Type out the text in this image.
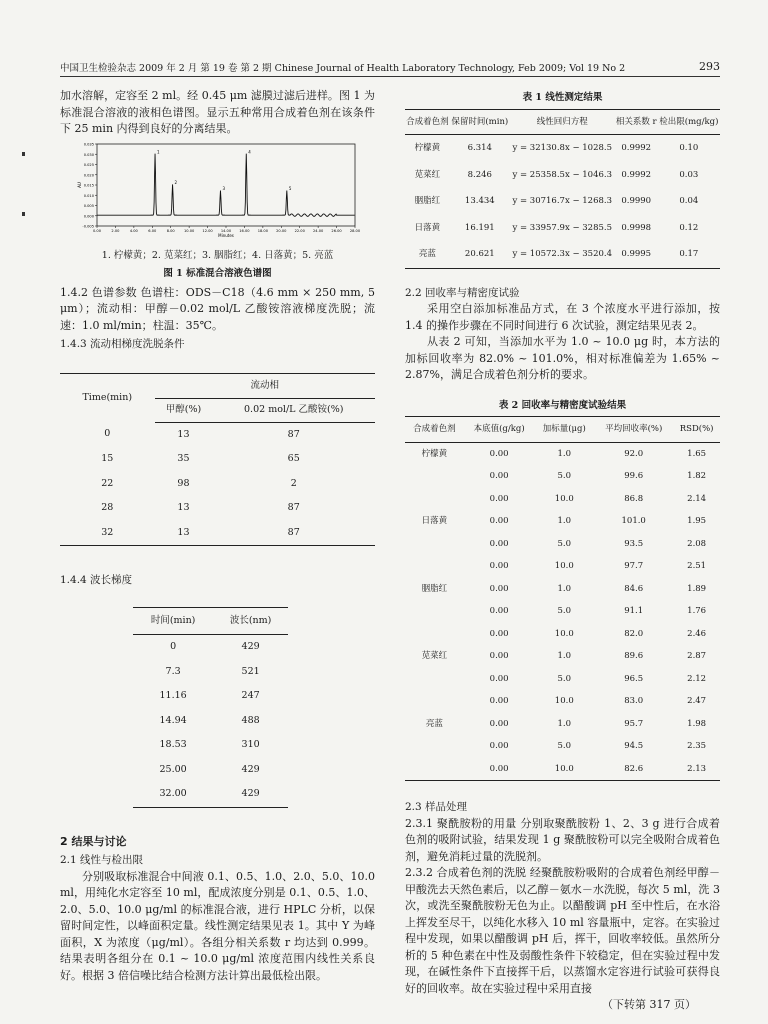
中国卫生检验杂志 2009 年 2 月 第 19 卷 第 2 期 Chinese Journal of Health Laboratory Technology, Feb 2009; Vol 19 No 2	293

加水溶解，定容至 2 ml。经 0.45 μm 滤膜过滤后进样。图 1 为标准混合溶液的液相色谱图。显示五种常用合成着色剂在该条件下 25 min 内得到良好的分离结果。

-0.005
0.000
0.005
0.010
0.015
0.020
0.025
0.030
0.035
0.00	2.00	4.00	6.00	8.00	10.00 12.00 14.00 16.00 18.00 20.00 22.00 24.00 26.00 28.00
Minutes
AU
1
2
3
4
5
1. 柠檬黄；2. 苋菜红；3. 胭脂红；4. 日落黄；5. 亮蓝
图 1 标准混合溶液色谱图

1.4.2 色谱参数 色谱柱：ODS－C18（4.6 mm × 250 mm, 5 μm）；流动相：甲醇－0.02 mol/L 乙酸铵溶液梯度洗脱；流速：1.0 ml/min；柱温：35℃。

1.4.3 流动相梯度洗脱条件

Time(min)	流动相	
	甲醇(%)	0.02 mol/L 乙酸铵(%)
0	13	87
15	35	65
22	98	2
28	13	87
32	13	87

1.4.4 波长梯度

时间(min)	波长(nm)
0	429
7.3	521
11.16	247
14.94	488
18.53	310
25.00	429
32.00	429

2 结果与讨论

2.1 线性与检出限

分别吸取标准混合中间液 0.1、0.5、1.0、2.0、5.0、10.0 ml，用纯化水定容至 10 ml，配成浓度分别是 0.1、0.5、1.0、2.0、5.0、10.0 μg/ml 的标准混合液，进行 HPLC 分析，以保留时间定性，以峰面积定量。线性测定结果见表 1。其中 Y 为峰面积，X 为浓度（μg/ml）。各组分相关系数 r 均达到 0.999。结果表明各组分在 0.1 ~ 10.0 μg/ml 浓度范围内线性关系良好。根据 3 倍信噪比结合检测方法计算出最低检出限。

表 1 线性测定结果
合成着色剂	保留时间(min)	线性回归方程	相关系数 r	检出限(mg/kg)
柠檬黄	6.314	y = 32130.8x − 1028.5	0.9992	0.10
苋菜红	8.246	y = 25358.5x − 1046.3	0.9992	0.03
胭脂红	13.434	y = 30716.7x − 1268.3	0.9990	0.04
日落黄	16.191	y = 33957.9x − 3285.5	0.9998	0.12
亮蓝	20.621	y = 10572.3x − 3520.4	0.9995	0.17

2.2 回收率与精密度试验

采用空白添加标准品方式，在 3 个浓度水平进行添加，按 1.4 的操作步骤在不同时间进行 6 次试验，测定结果见表 2。

从表 2 可知，当添加水平为 1.0 ~ 10.0 μg 时，本方法的加标回收率为 82.0% ~ 101.0%，相对标准偏差为 1.65% ~ 2.87%，满足合成着色剂分析的要求。

表 2 回收率与精密度试验结果
合成着色剂	本底值(g/kg)	加标量(μg)	平均回收率(%)	RSD(%)
柠檬黄	0.00	1.0	92.0	1.65
	0.00	5.0	99.6	1.82
	0.00	10.0	86.8	2.14
日落黄	0.00	1.0	101.0	1.95
	0.00	5.0	93.5	2.08
	0.00	10.0	97.7	2.51
胭脂红	0.00	1.0	84.6	1.89
	0.00	5.0	91.1	1.76
	0.00	10.0	82.0	2.46
苋菜红	0.00	1.0	89.6	2.87
	0.00	5.0	96.5	2.12
	0.00	10.0	83.0	2.47
亮蓝	0.00	1.0	95.7	1.98
	0.00	5.0	94.5	2.35
	0.00	10.0	82.6	2.13

2.3 样品处理

2.3.1 聚酰胺粉的用量 分别取聚酰胺粉 1、2、3 g 进行合成着色剂的吸附试验，结果发现 1 g 聚酰胺粉可以完全吸附合成着色剂，避免消耗过量的洗脱剂。

2.3.2 合成着色剂的洗脱 经聚酰胺粉吸附的合成着色剂经甲醇－甲酸洗去天然色素后，以乙醇－氨水－水洗脱，每次 5 ml，洗 3 次，或洗至聚酰胺粉无色为止。以醋酸调 pH 至中性后，在水浴上挥发至尽干，以纯化水移入 10 ml 容量瓶中，定容。在实验过程中发现，如果以醋酸调 pH 后，挥干，回收率较低。虽然所分析的 5 种色素在中性及弱酸性条件下较稳定，但在实验过程中发现，在碱性条件下直接挥干后，以蒸馏水定容进行试验可获得良好的回收率。故在实验过程中采用直接

（下转第 317 页）
